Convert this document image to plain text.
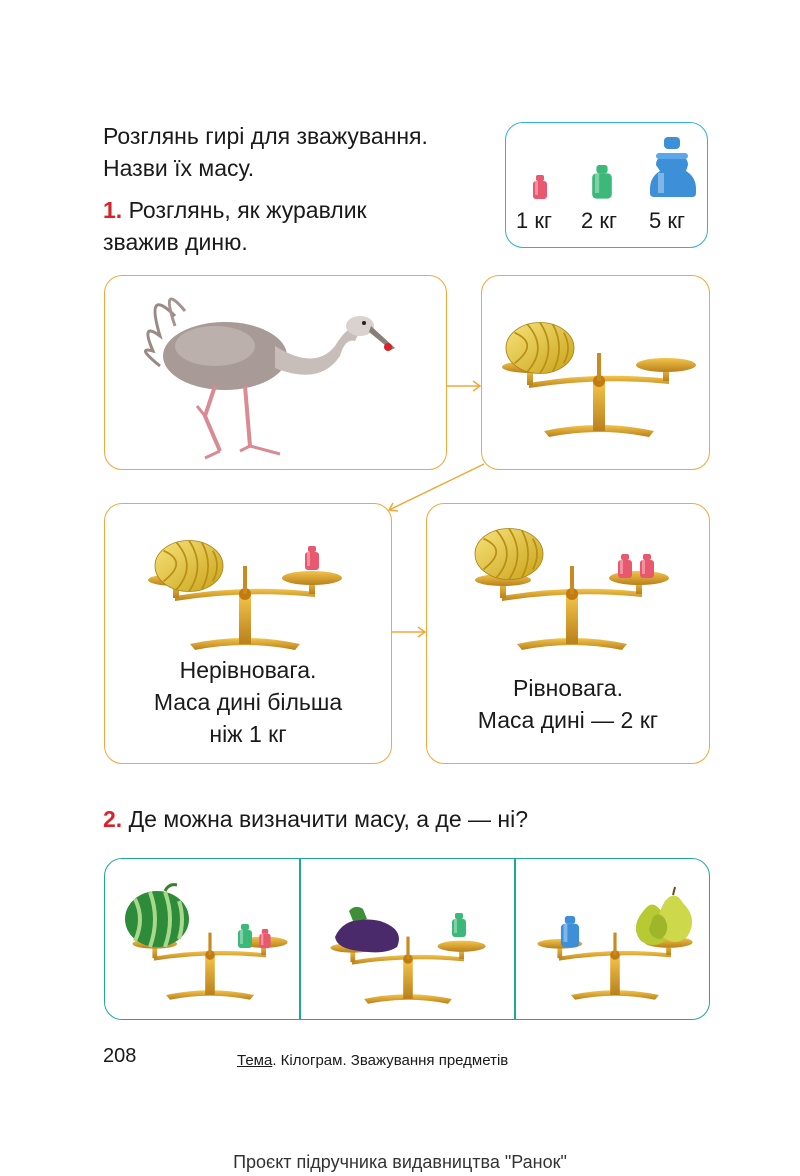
Розглянь гирі для зважування.
Назви їх масу.
1. Розглянь, як журавлик
зважив диню.
1 кг 2 кг 5 кг
Нерівновага.
Маса дині більша
ніж 1 кг
Рівновага.
Маса дині — 2 кг
2. Де можна визначити масу, а де — ні?
208	Тема. Кілограм. Зважування предметів
Проєкт підручника видавництва "Ранок"
